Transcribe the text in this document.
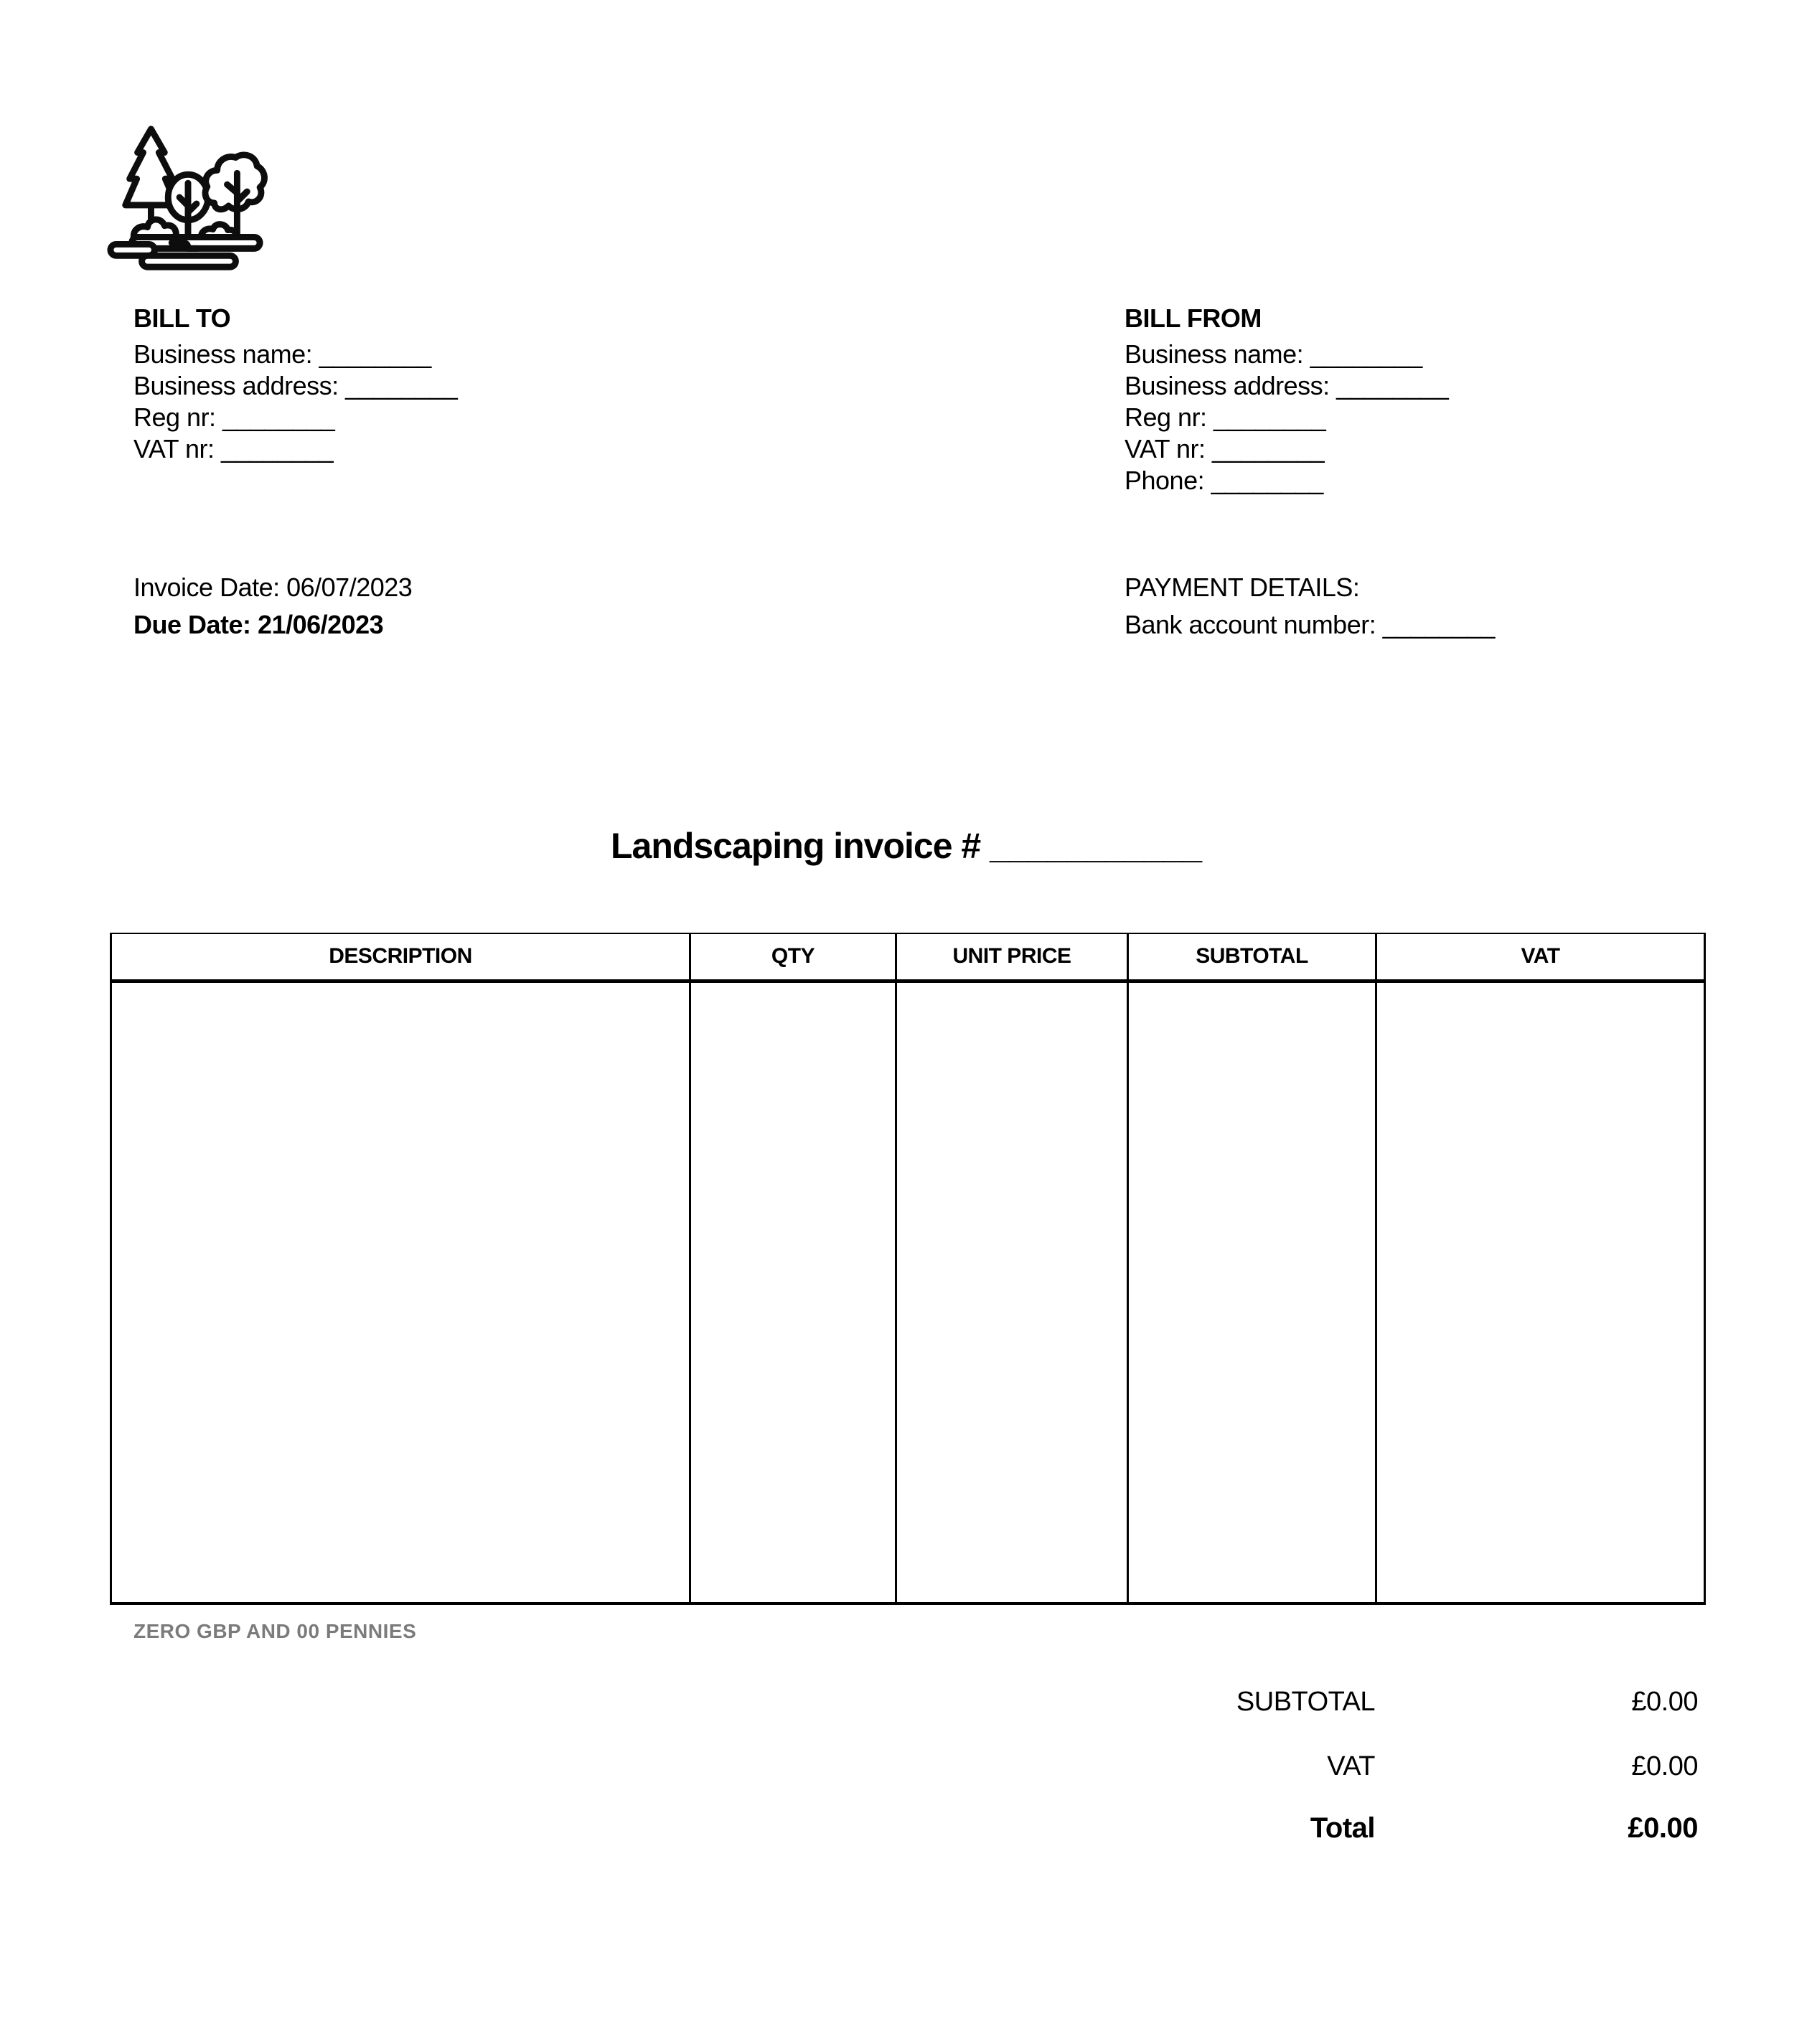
BILL TO
Business name: ________
Business address: ________
Reg nr: ________
VAT nr: ________
BILL FROM
Business name: ________
Business address: ________
Reg nr: ________
VAT nr: ________
Phone: ________
Invoice Date: 06/07/2023
Due Date: 21/06/2023
PAYMENT DETAILS:
Bank account number: ________
Landscaping invoice # ___________
DESCRIPTION	QTY	UNIT PRICE	SUBTOTAL	VAT

ZERO GBP AND 00 PENNIES
SUBTOTAL	£0.00
VAT	£0.00
Total	£0.00
